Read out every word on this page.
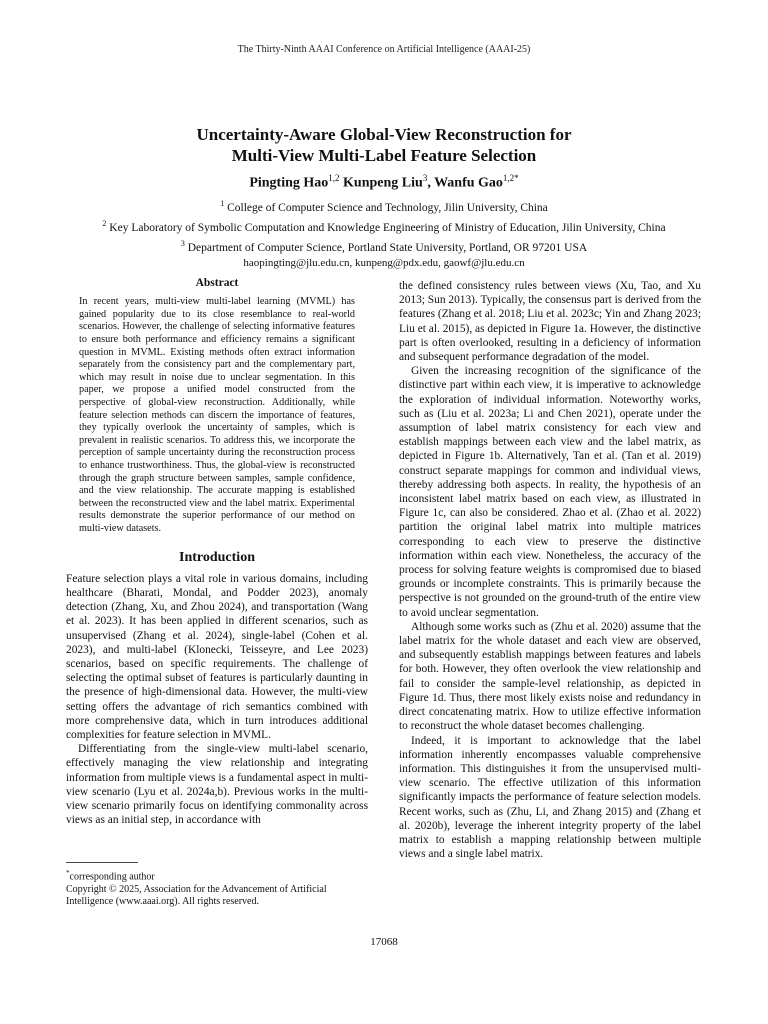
The Thirty-Ninth AAAI Conference on Artificial Intelligence (AAAI-25)
Uncertainty-Aware Global-View Reconstruction for
Multi-View Multi-Label Feature Selection
Pingting Hao$^{1,2}$ Kunpeng Liu$^3$, Wanfu Gao$^{1,2*}$
$^1$ College of Computer Science and Technology, Jilin University, China
$^2$ Key Laboratory of Symbolic Computation and Knowledge Engineering of Ministry of Education, Jilin University, China
$^3$ Department of Computer Science, Portland State University, Portland, OR 97201 USA
haopingting@jlu.edu.cn, kunpeng@pdx.edu, gaowf@jlu.edu.cn
Abstract

In recent years, multi-view multi-label learning (MVML) has gained popularity due to its close resemblance to real-world scenarios. However, the challenge of selecting informative features to ensure both performance and efficiency remains a significant question in MVML. Existing methods often extract information separately from the consistency part and the complementary part, which may result in noise due to unclear segmentation. In this paper, we propose a unified model constructed from the perspective of global-view reconstruction. Additionally, while feature selection methods can discern the importance of features, they typically overlook the uncertainty of samples, which is prevalent in realistic scenarios. To address this, we incorporate the perception of sample uncertainty during the reconstruction process to enhance trustworthiness. Thus, the global-view is reconstructed through the graph structure between samples, sample confidence, and the view relationship. The accurate mapping is established between the reconstructed view and the label matrix. Experimental results demonstrate the superior performance of our method on multi-view datasets.

Introduction

Feature selection plays a vital role in various domains, including healthcare (Bharati, Mondal, and Podder 2023), anomaly detection (Zhang, Xu, and Zhou 2024), and transportation (Wang et al. 2023). It has been applied in different scenarios, such as unsupervised (Zhang et al. 2024), single-label (Cohen et al. 2023), and multi-label (Klonecki, Teisseyre, and Lee 2023) scenarios, based on specific requirements. The challenge of selecting the optimal subset of features is particularly daunting in the presence of high-dimensional data. However, the multi-view setting offers the advantage of rich semantics combined with more comprehensive data, which in turn introduces additional complexities for feature selection in MVML.

Differentiating from the single-view multi-label scenario, effectively managing the view relationship and integrating information from multiple views is a fundamental aspect in multi-view scenario (Lyu et al. 2024a,b). Previous works in the multi-view scenario primarily focus on identifying commonality across views as an initial step, in accordance with

the defined consistency rules between views (Xu, Tao, and Xu 2013; Sun 2013). Typically, the consensus part is derived from the features (Zhang et al. 2018; Liu et al. 2023c; Yin and Zhang 2023; Liu et al. 2015), as depicted in Figure 1a. However, the distinctive part is often overlooked, resulting in a deficiency of information and subsequent performance degradation of the model.

Given the increasing recognition of the significance of the distinctive part within each view, it is imperative to acknowledge the exploration of individual information. Noteworthy works, such as (Liu et al. 2023a; Li and Chen 2021), operate under the assumption of label matrix consistency for each view and establish mappings between each view and the label matrix, as depicted in Figure 1b. Alternatively, Tan et al. (Tan et al. 2019) construct separate mappings for common and individual views, thereby addressing both aspects. In reality, the hypothesis of an inconsistent label matrix based on each view, as illustrated in Figure 1c, can also be considered. Zhao et al. (Zhao et al. 2022) partition the original label matrix into multiple matrices corresponding to each view to preserve the distinctive information within each view. Nonetheless, the accuracy of the process for solving feature weights is compromised due to biased grounds or incomplete constraints. This is primarily because the perspective is not grounded on the ground-truth of the entire view to avoid unclear segmentation.

Although some works such as (Zhu et al. 2020) assume that the label matrix for the whole dataset and each view are observed, and subsequently establish mappings between features and labels for both. However, they often overlook the view relationship and fail to consider the sample-level relationship, as depicted in Figure 1d. Thus, there most likely exists noise and redundancy in direct concatenating matrix. How to utilize effective information to reconstruct the whole dataset becomes challenging.

Indeed, it is important to acknowledge that the label information inherently encompasses valuable comprehensive information. This distinguishes it from the unsupervised multi-view scenario. The effective utilization of this information significantly impacts the performance of feature selection models. Recent works, such as (Zhu, Li, and Zhang 2015) and (Zhang et al. 2020b), leverage the inherent integrity property of the label matrix to establish a mapping relationship between multiple views and a single label matrix.

*corresponding author
Copyright © 2025, Association for the Advancement of Artificial Intelligence (www.aaai.org). All rights reserved.
17068
